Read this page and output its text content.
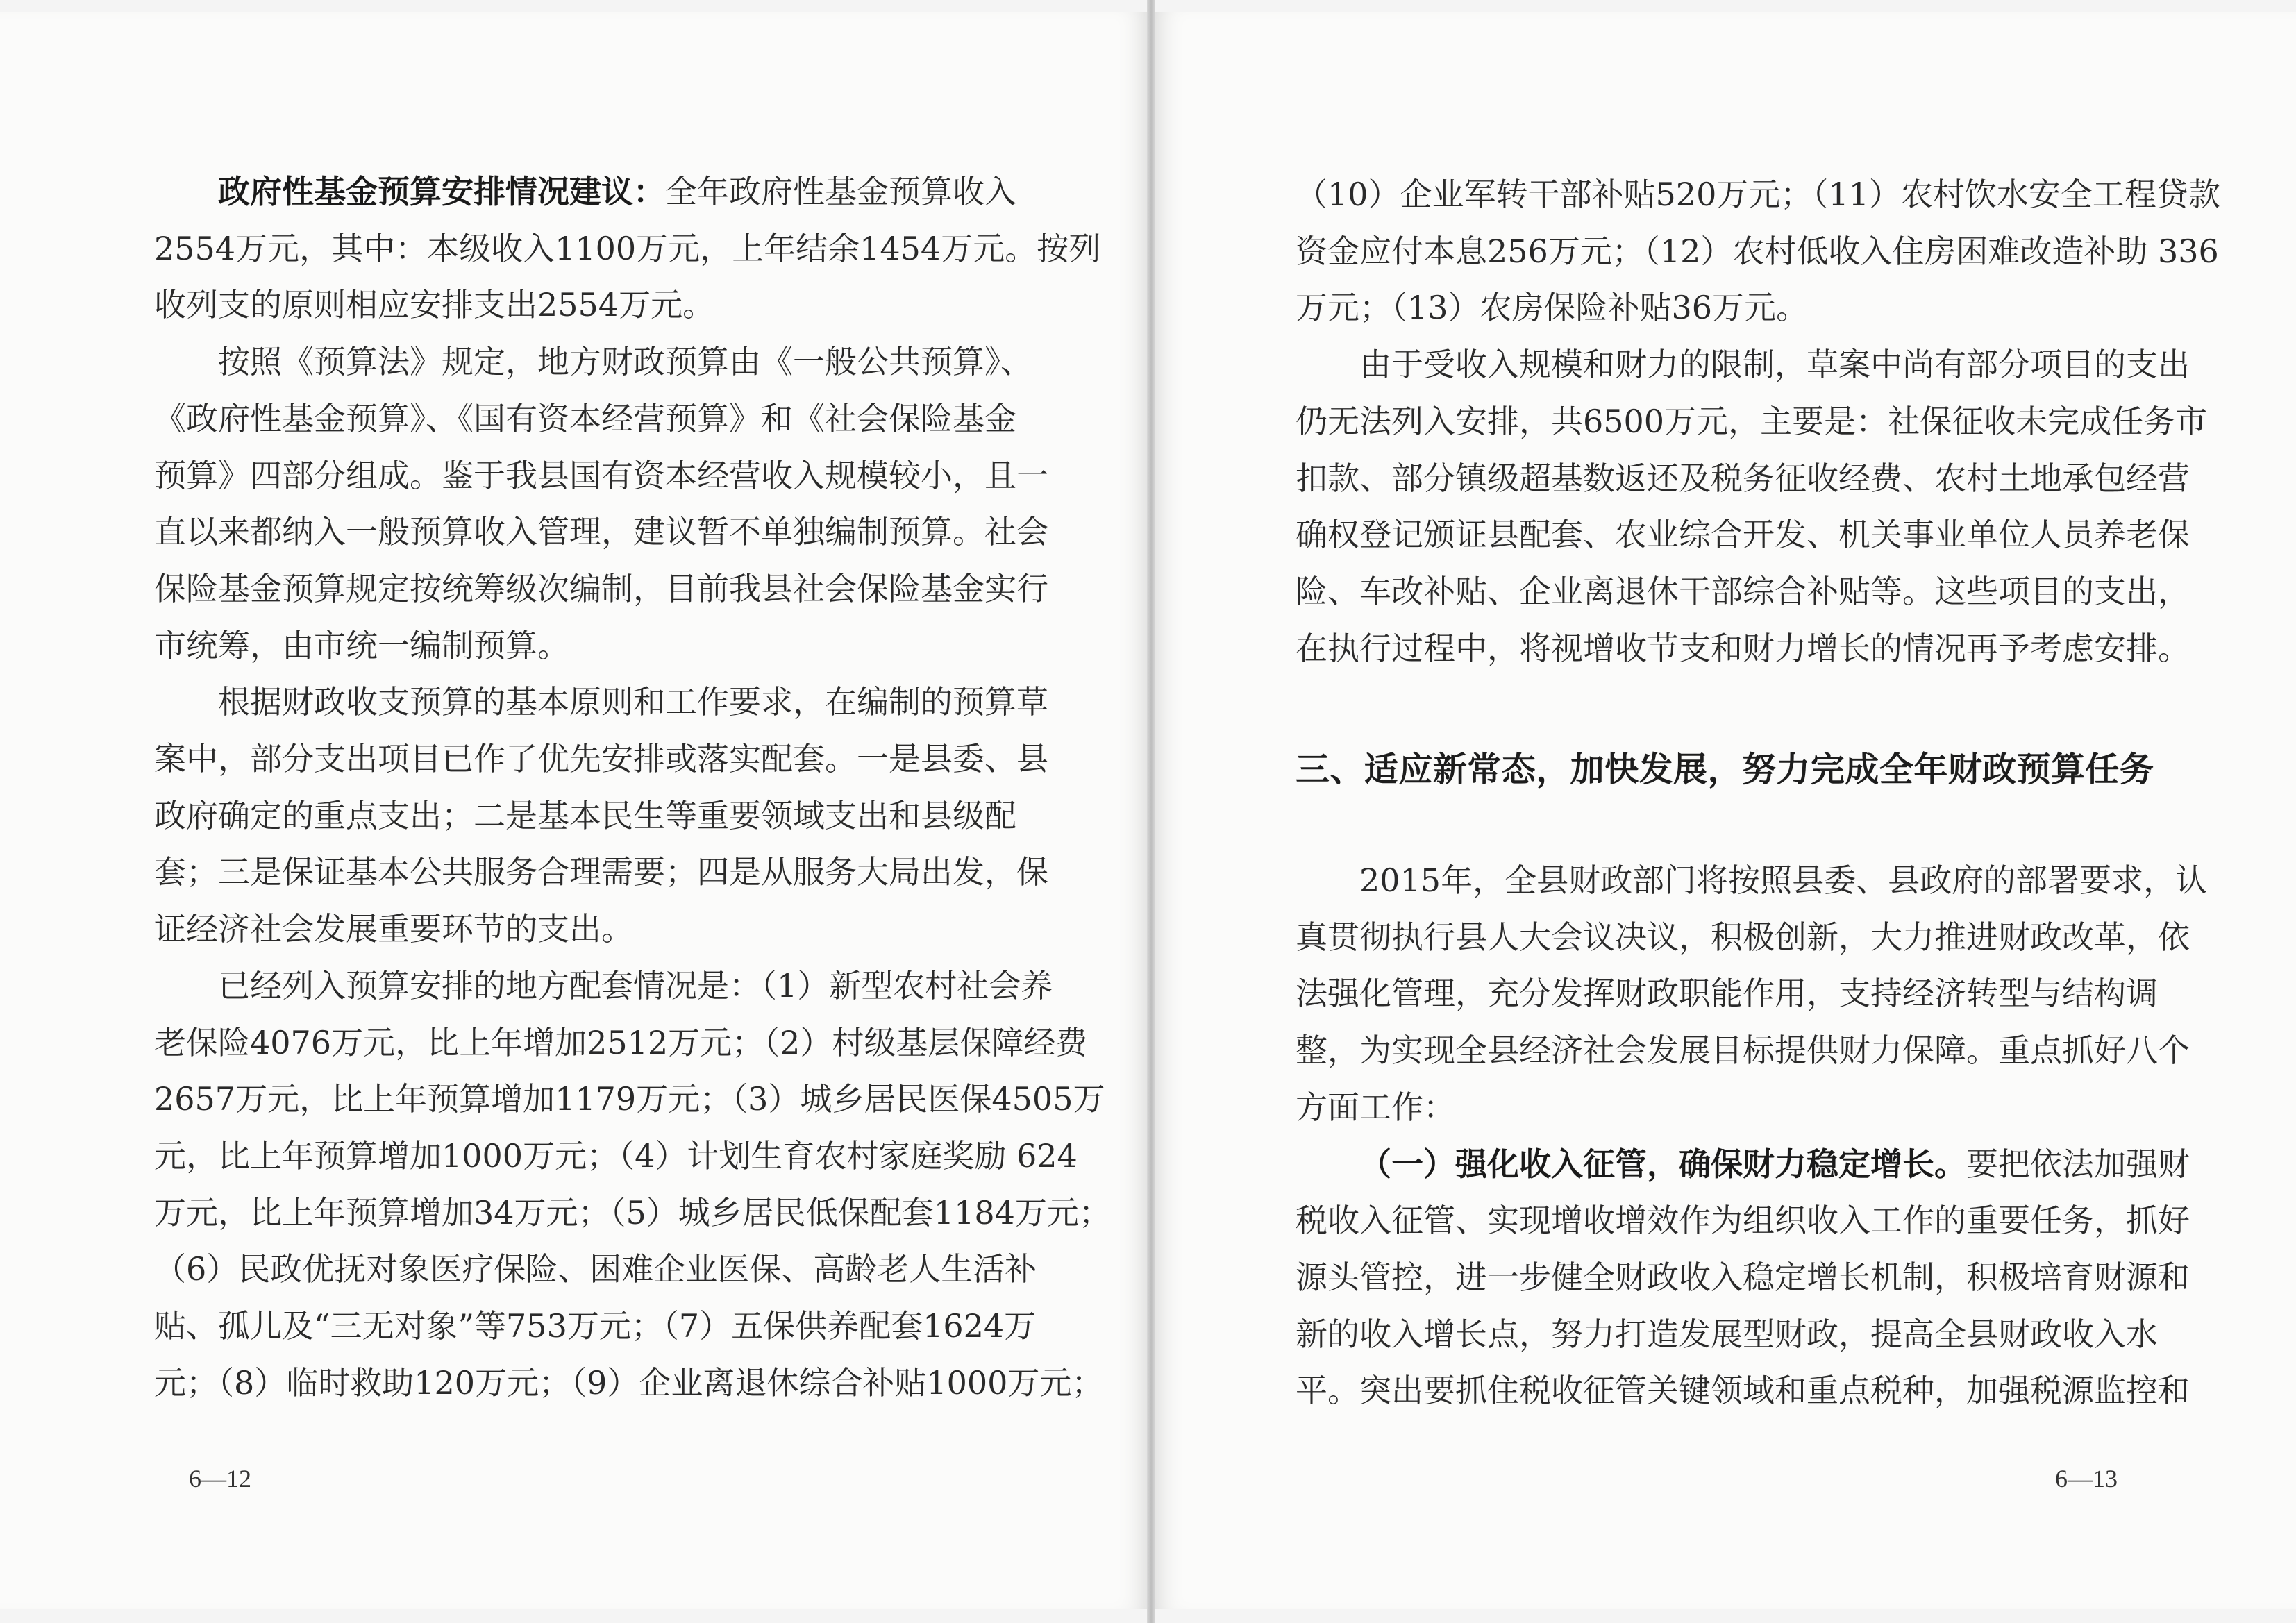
政府性基金预算安排情况建议：全年政府性基金预算收入
2554万元，其中：本级收入1100万元，上年结余1454万元。按列
收列支的原则相应安排支出2554万元。
按照《预算法》规定，地方财政预算由《一般公共预算》、
《政府性基金预算》、《国有资本经营预算》和《社会保险基金
预算》四部分组成。鉴于我县国有资本经营收入规模较小，且一
直以来都纳入一般预算收入管理，建议暂不单独编制预算。社会
保险基金预算规定按统筹级次编制，目前我县社会保险基金实行
市统筹，由市统一编制预算。
根据财政收支预算的基本原则和工作要求，在编制的预算草
案中，部分支出项目已作了优先安排或落实配套。一是县委、县
政府确定的重点支出；二是基本民生等重要领域支出和县级配
套；三是保证基本公共服务合理需要；四是从服务大局出发，保
证经济社会发展重要环节的支出。
已经列入预算安排的地方配套情况是：（1）新型农村社会养
老保险4076万元，比上年增加2512万元；（2）村级基层保障经费
2657万元，比上年预算增加1179万元；（3）城乡居民医保4505万
元，比上年预算增加1000万元；（4）计划生育农村家庭奖励 624
万元，比上年预算增加34万元；（5）城乡居民低保配套1184万元；
（6）民政优抚对象医疗保险、困难企业医保、高龄老人生活补
贴、孤儿及“三无对象”等753万元；（7）五保供养配套1624万
元；（8）临时救助120万元；（9）企业离退休综合补贴1000万元；
（10）企业军转干部补贴520万元；（11）农村饮水安全工程贷款
资金应付本息256万元；（12）农村低收入住房困难改造补助 336
万元；（13）农房保险补贴36万元。
由于受收入规模和财力的限制，草案中尚有部分项目的支出
仍无法列入安排，共6500万元，主要是：社保征收未完成任务市
扣款、部分镇级超基数返还及税务征收经费、农村土地承包经营
确权登记颁证县配套、农业综合开发、机关事业单位人员养老保
险、车改补贴、企业离退休干部综合补贴等。这些项目的支出，
在执行过程中，将视增收节支和财力增长的情况再予考虑安排。
三、适应新常态，加快发展，努力完成全年财政预算任务
2015年，全县财政部门将按照县委、县政府的部署要求，认
真贯彻执行县人大会议决议，积极创新，大力推进财政改革，依
法强化管理，充分发挥财政职能作用，支持经济转型与结构调
整，为实现全县经济社会发展目标提供财力保障。重点抓好八个
方面工作：
（一）强化收入征管，确保财力稳定增长。要把依法加强财
税收入征管、实现增收增效作为组织收入工作的重要任务，抓好
源头管控，进一步健全财政收入稳定增长机制，积极培育财源和
新的收入增长点，努力打造发展型财政，提高全县财政收入水
平。突出要抓住税收征管关键领域和重点税种，加强税源监控和
6—12	6—13
